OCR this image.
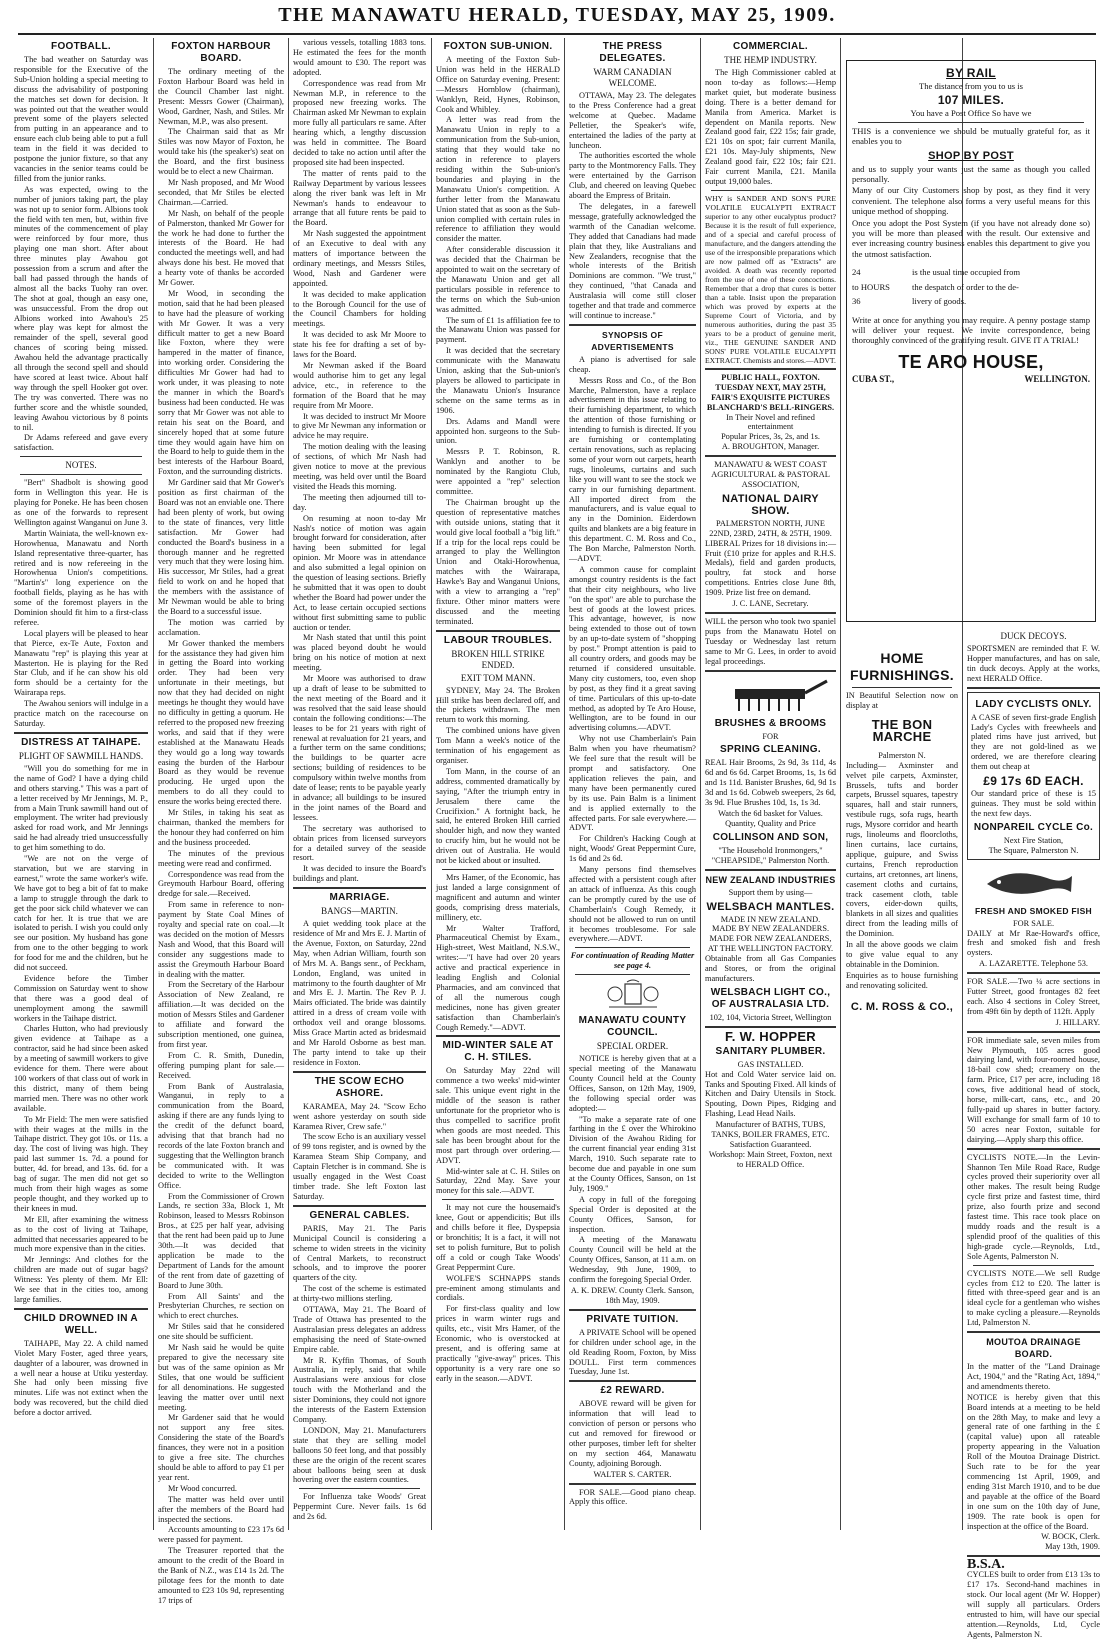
THE MANAWATU HERALD, TUESDAY, MAY 25, 1909.
FOOTBALL.

The bad weather on Saturday was responsible for the Executive of the Sub-Union holding a special meeting to discuss the advisability of postponing the matches set down for decision. It was pointed out that the weather would prevent some of the players selected from putting in an appearance and to ensure each club being able to put a full team in the field it was decided to postpone the junior fixture, so that any vacancies in the senior teams could be filled from the junior ranks.

As was expected, owing to the number of juniors taking part, the play was not up to senior form. Albions took the field with ten men, but, within five minutes of the commencement of play were reinforced by four more, thus playing one man short. After about three minutes play Awahou got possession from a scrum and after the ball had passed through the hands of almost all the backs Tuohy ran over. The shot at goal, though an easy one, was unsuccessful. From the drop out Albions worked into Awahou's 25 where play was kept for almost the remainder of the spell, several good chances of scoring being missed. Awahou held the advantage practically all through the second spell and should have scored at least twice. About half way through the spell Hooker got over. The try was converted. There was no further score and the whistle sounded, leaving Awahou victorious by 8 points to nil.

Dr Adams refereed and gave every satisfaction.

NOTES.

"Bert" Shadbolt is showing good form in Wellington this year. He is playing for Poneke. He has been chosen as one of the forwards to represent Wellington against Wanganui on June 3.

Martin Wainiata, the well-known ex-Horowhenua, Manawatu and North Island representative three-quarter, has retired and is now refereeing in the Horowhenua Union's competitions. "Martin's" long experience on the football fields, playing as he has with some of the foremost players in the Dominion should fit him to a first-class referee.

Local players will be pleased to hear that Pierce, ex-Te Aute, Foxton and Manawatu "rep" is playing this year at Masterton. He is playing for the Red Star Club, and if he can show his old form should be a certainty for the Wairarapa reps.

The Awahou seniors will indulge in a practice match on the racecourse on Saturday.

DISTRESS AT TAIHAPE.
PLIGHT OF SAWMILL HANDS.

"Will you do something for me in the name of God? I have a dying child and others starving." This was a part of a letter received by Mr Jennings, M. P., from a Main Trunk sawmill hand out of employment. The writer had previously asked for road work, and Mr Jennings said he had already tried unsuccessfully to get him something to do.

"We are not on the verge of starvation, but we are starving in earnest," wrote the same worker's wife. We have got to beg a bit of fat to make a lamp to struggle through the dark to get the poor sick child whatever we can catch for her. It is true that we are isolated to perish. I wish you could only see our position. My husband has gone from one to the other begging to work for food for me and the children, but he did not succeed.

Evidence before the Timber Commission on Saturday went to show that there was a good deal of unemployment among the sawmill workers in the Taihape district.

Charles Hutton, who had previously given evidence at Taihape as a contractor, said he had since been asked by a meeting of sawmill workers to give evidence for them. There were about 100 workers of that class out of work in this district, many of them being married men. There was no other work available.

To Mr Field: The men were satisfied with their wages at the mills in the Taihape district. They got 10s. or 11s. a day. The cost of living was high. They paid last summer 1s. 7d. a pound for butter, 4d. for bread, and 13s. 6d. for a bag of sugar. The men did not get so much from their high wages as some people thought, and they worked up to their knees in mud.

Mr Ell, after examining the witness as to the cost of living at Taihape, admitted that necessaries appeared to be much more expensive than in the cities.

Mr Jennings: And clothes for the children are made out of sugar bags? Witness: Yes plenty of them. Mr Ell: We see that in the cities too, among large families.

CHILD DROWNED IN A WELL.

TAIHAPE, May 22. A child named Violet Mary Foster, aged three years, daughter of a labourer, was drowned in a well near a house at Utiku yesterday. She had only been missing five minutes. Life was not extinct when the body was recovered, but the child died before a doctor arrived.

FOXTON HARBOUR BOARD.

The ordinary meeting of the Foxton Harbour Board was held in the Council Chamber last night. Present: Messrs Gower (Chairman), Wood, Gardner, Nash, and Stiles. Mr Newman, M.P., was also present.

The Chairman said that as Mr Stiles was now Mayor of Foxton, he would take his (the speaker's) seat on the Board, and the first business would be to elect a new Chairman.

Mr Nash proposed, and Mr Wood seconded, that Mr Stiles be elected Chairman.—Carried.

Mr Nash, on behalf of the people of Palmerston, thanked Mr Gower for the work he had done to further the interests of the Board. He had conducted the meetings well, and had always done his best. He moved that a hearty vote of thanks be accorded Mr Gower.

Mr Wood, in seconding the motion, said that he had been pleased to have had the pleasure of working with Mr Gower. It was a very difficult matter to get a new Board like Foxton, where they were hampered in the matter of finance, into working order. Considering the difficulties Mr Gower had had to work under, it was pleasing to note the manner in which the Board's business had been conducted. He was sorry that Mr Gower was not able to retain his seat on the Board, and sincerely hoped that at some future time they would again have him on the Board to help to guide them in the best interests of the Harbour Board, Foxton, and the surrounding districts.

Mr Gardiner said that Mr Gower's position as first chairman of the Board was not an enviable one. There had been plenty of work, but owing to the state of finances, very little satisfaction. Mr Gower had conducted the Board's business in a thorough manner and he regretted very much that they were losing him. His successor, Mr Stiles, had a great field to work on and he hoped that the members with the assistance of Mr Newman would be able to bring the Board to a successful issue.

The motion was carried by acclamation.

Mr Gower thanked the members for the assistance they had given him in getting the Board into working order. They had been very unfortunate in their meetings, but now that they had decided on night meetings he thought they would have no difficulty in getting a quorum. He referred to the proposed new freezing works, and said that if they were established at the Manawatu Heads they would go a long way towards easing the burden of the Harbour Board as they would be revenue producing. He urged upon the members to do all they could to ensure the works being erected there.

Mr Stiles, in taking his seat as chairman, thanked the members for the honour they had conferred on him and the business proceeded.

The minutes of the previous meeting were read and confirmed.

Correspondence was read from the Greymouth Harbour Board, offering dredge for sale.—Received.

From same in reference to non-payment by State Coal Mines of royalty and special rate on coal.—It was decided on the motion of Messrs Nash and Wood, that this Board will consider any suggestions made to assist the Greymouth Harbour Board in dealing with the matter.

From the Secretary of the Harbour Association of New Zealand, re affiliation.—It was decided on the motion of Messrs Stiles and Gardener to affiliate and forward the subscription mentioned, one guinea, from first year.

From C. R. Smith, Dunedin, offering pumping plant for sale.—Received.

From Bank of Australasia, Wanganui, in reply to a communication from the Board, asking if there are any funds lying to the credit of the defunct board, advising that that branch had no records of the late Foxton branch and suggesting that the Wellington branch be communicated with. It was decided to write to the Wellington Office.

From the Commissioner of Crown Lands, re section 33a, Block 1, Mt Robinson, leased to Messrs Robinson Bros., at £25 per half year, advising that the rent had been paid up to June 30th.—It was decided that application be made to the Department of Lands for the amount of the rent from date of gazetting of Board to June 30th.

From All Saints' and the Presbyterian Churches, re section on which to erect churches.

Mr Stiles said that he considered one site should be sufficient.

Mr Nash said he would be quite prepared to give the necessary site but was of the same opinion as Mr Stiles, that one would be sufficient for all denominations. He suggested leaving the matter over until next meeting.

Mr Gardener said that he would not support any free sites. Considering the state of the Board's finances, they were not in a position to give a free site. The churches should be able to afford to pay £1 per year rent.

Mr Wood concurred.

The matter was held over until after the members of the Board had inspected the sections.

Accounts amounting to £23 17s 6d were passed for payment.

The Treasurer reported that the amount to the credit of the Board in the Bank of N.Z., was £14 1s 2d. The pilotage fees for the month to date amounted to £23 10s 9d, representing 17 trips of

various vessels, totalling 1883 tons. He estimated the fees for the month would amount to £30. The report was adopted.

Correspondence was read from Mr Newman M.P., in reference to the proposed new freezing works. The Chairman asked Mr Newman to explain more fully all particulars re same. After hearing which, a lengthy discussion was held in committee. The Board decided to take no action until after the proposed site had been inspected.

The matter of rents paid to the Railway Department by various lessees along the river bank was left in Mr Newman's hands to endeavour to arrange that all future rents be paid to the Board.

Mr Nash suggested the appointment of an Executive to deal with any matters of importance between the ordinary meetings, and Messrs Stiles, Wood, Nash and Gardener were appointed.

It was decided to make application to the Borough Council for the use of the Council Chambers for holding meetings.

It was decided to ask Mr Moore to state his fee for drafting a set of by-laws for the Board.

Mr Newman asked if the Board would authorise him to get any legal advice, etc., in reference to the formation of the Board that he may require from Mr Moore.

It was decided to instruct Mr Moore to give Mr Newman any information or advice he may require.

The motion dealing with the leasing of sections, of which Mr Nash had given notice to move at the previous meeting, was held over until the Board visited the Heads this morning.

The meeting then adjourned till to-day.

On resuming at noon to-day Mr Nash's notice of motion was again brought forward for consideration, after having been submitted for legal opinion. Mr Moore was in attendance and also submitted a legal opinion on the question of leasing sections. Briefly he submitted that it was open to doubt whether the Board had power under the Act, to lease certain occupied sections without first submitting same to public auction or tender.

Mr Nash stated that until this point was placed beyond doubt he would bring on his notice of motion at next meeting.

Mr Moore was authorised to draw up a draft of lease to be submitted to the next meeting of the Board and it was resolved that the said lease should contain the following conditions:—The leases to be for 21 years with right of renewal at revaluation for 21 years, and a further term on the same conditions; the buildings to be quarter acre sections; building of residences to be compulsory within twelve months from date of lease; rents to be payable yearly in advance; all buildings to be insured in the joint names of the Board and lessees.

The secretary was authorised to obtain prices from licensed surveyors for a detailed survey of the seaside resort.

It was decided to insure the Board's buildings and plant.

MARRIAGE.
BANGS—MARTIN.

A quiet wedding took place at the residence of Mr and Mrs E. J. Martin of the Avenue, Foxton, on Saturday, 22nd May, when Adrian William, fourth son of Mrs M. A. Bangs senr., of Peckham, London, England, was united in matrimony to the fourth daughter of Mr and Mrs E. J. Martin. The Rev P. J. Mairs officiated. The bride was daintily attired in a dress of cream voile with orthodox veil and orange blossoms. Miss Grace Martin acted as bridesmaid and Mr Harold Osborne as best man. The party intend to take up their residence in Foxton.

THE SCOW ECHO ASHORE.

KARAMEA, May 24. "Scow Echo went ashore yesterday on south side Karamea River, Crew safe."

The scow Echo is an auxiliary vessel of 99 tons register, and is owned by the Karamea Steam Ship Company, and Captain Fletcher is in command. She is usually engaged in the West Coast timber trade. She left Foxton last Saturday.

GENERAL CABLES.

PARIS, May 21. The Paris Municipal Council is considering a scheme to widen streets in the vicinity of Central Markets, to reconstruct schools, and to improve the poorer quarters of the city.

The cost of the scheme is estimated at thirty-two millions sterling.

OTTAWA, May 21. The Board of Trade of Ottawa has presented to the Australasian press delegates an address emphasising the need of State-owned Empire cable.

Mr R. Kyffin Thomas, of South Australia, in reply, said that while Australasians were anxious for close touch with the Motherland and the sister Dominions, they could not ignore the interests of the Eastern Extension Company.

LONDON, May 21. Manufacturers state that they are selling model balloons 50 feet long, and that possibly these are the origin of the recent scares about balloons being seen at dusk hovering over the eastern counties.

For Influenza take Woods' Great Peppermint Cure. Never fails. 1s 6d and 2s 6d.

FOXTON SUB-UNION.

A meeting of the Foxton Sub-Union was held in the HERALD Office on Saturday evening. Present:—Messrs Hornblow (chairman), Wanklyn, Reid, Hynes, Robinson, Cook and Whibley.

A letter was read from the Manawatu Union in reply to a communication from the Sub-union, stating that they would take no action in reference to players residing within the Sub-union's boundaries and playing in the Manawatu Union's competition. A further letter from the Manawatu Union stated that as soon as the Sub-union complied with certain rules in reference to affiliation they would consider the matter.

After considerable discussion it was decided that the Chairman be appointed to wait on the secretary of the Manawatu Union and get all particulars possible in reference to the terms on which the Sub-union was admitted.

The sum of £1 1s affiliation fee to the Manawatu Union was passed for payment.

It was decided that the secretary communicate with the Manawatu Union, asking that the Sub-union's players be allowed to participate in the Manawatu Union's Insurance scheme on the same terms as in 1906.

Drs. Adams and Mandl were appointed hon. surgeons to the Sub-union.

Messrs P. T. Robinson, R. Wanklyn and another to be nominated by the Rangiotu Club, were appointed a "rep" selection committee.

The Chairman brought up the question of representative matches with outside unions, stating that it would give local football a "big lift." If a trip for the local reps could be arranged to play the Wellington Union and Otaki-Horowhenua, matches with the Wairarapa, Hawke's Bay and Wanganui Unions, with a view to arranging a "rep" fixture. Other minor matters were discussed and the meeting terminated.

LABOUR TROUBLES.
BROKEN HILL STRIKE ENDED.
EXIT TOM MANN.

SYDNEY, May 24. The Broken Hill strike has been declared off, and the pickets withdrawn. The men return to work this morning.

The combined unions have given Tom Mann a week's notice of the termination of his engagement as organiser.

Tom Mann, in the course of an address, commented dramatically by saying, "After the triumph entry in Jerusalem there came the Crucifixion." A fortnight back, he said, he entered Broken Hill carried shoulder high, and now they wanted to crucify him, but he would not be driven out of Australia. He would not be kicked about or insulted.

Mrs Hamer, of the Economic, has just landed a large consignment of magnificent and autumn and winter goods, comprising dress materials, millinery, etc.

Mr Walter Trafford, Pharmaceutical Chemist by Exam., High-street, West Maitland, N.S.W., writes:—"I have had over 20 years active and practical experience in leading English and Colonial Pharmacies, and am convinced that of all the numerous cough medicines, none has given greater satisfaction than Chamberlain's Cough Remedy."—ADVT.

MID-WINTER SALE AT C. H. STILES.

On Saturday May 22nd will commence a two weeks' mid-winter sale. This unique event right in the middle of the season is rather unfortunate for the proprietor who is thus compelled to sacrifice profit when goods are most needed. This sale has been brought about for the most part through over ordering.—ADVT.

Mid-winter sale at C. H. Stiles on Saturday, 22nd May. Save your money for this sale.—ADVT.

It may not cure the housemaid's knee, Gout or appendicitis; But ills and chills before it flee, Dyspepsia or bronchitis; It is a fact, it will not set to polish furniture, But to polish off a cold or cough Take Woods' Great Peppermint Cure.

WOLFE'S SCHNAPPS stands pre-eminent among stimulants and cordials.

For first-class quality and low prices in warm winter rugs and quilts, etc., visit Mrs Hamer, of the Economic, who is overstocked at present, and is offering same at practically "give-away" prices. This opportunity is a very rare one so early in the season.—ADVT.

THE PRESS DELEGATES.
WARM CANADIAN WELCOME.

OTTAWA, May 23. The delegates to the Press Conference had a great welcome at Quebec. Madame Pelletier, the Speaker's wife, entertained the ladies of the party at luncheon.

The authorities escorted the whole party to the Montmorency Falls. They were entertained by the Garrison Club, and cheered on leaving Quebec aboard the Empress of Britain.

The delegates, in a farewell message, gratefully acknowledged the warmth of the Canadian welcome. They added that Canadians had made plain that they, like Australians and New Zealanders, recognise that the whole interests of the British Dominions are common. "We trust," they continued, "that Canada and Australasia will come still closer together and that trade and commerce will continue to increase."

SYNOPSIS OF ADVERTISEMENTS

A piano is advertised for sale cheap.

Messrs Ross and Co., of the Bon Marche, Palmerston, have a replace advertisement in this issue relating to their furnishing department, to which the attention of those furnishing or intending to furnish is directed. If you are furnishing or contemplating certain renovations, such as replacing some of your worn out carpets, hearth rugs, linoleums, curtains and such like you will want to see the stock we carry in our furnishing department. All imported direct from the manufacturers, and is value equal to any in the Dominion. Eiderdown quilts and blankets are a big feature in this department. C. M. Ross and Co., The Bon Marche, Palmerston North.—ADVT.

A common cause for complaint amongst country residents is the fact that their city neighbours, who live "on the spot" are able to purchase the best of goods at the lowest prices. This advantage, however, is now being extended to those out of town by an up-to-date system of "shopping by post." Prompt attention is paid to all country orders, and goods may be returned if considered unsuitable. Many city customers, too, even shop by post, as they find it a great saving of time. Particulars of this up-to-date method, as adopted by Te Aro House, Wellington, are to be found in our advertising columns.—ADVT.

Why not use Chamberlain's Pain Balm when you have rheumatism? We feel sure that the result will be prompt and satisfactory. One application relieves the pain, and many have been permanently cured by its use. Pain Balm is a liniment and is applied externally to the affected parts. For sale everywhere.—ADVT.

For Children's Hacking Cough at night, Woods' Great Peppermint Cure, 1s 6d and 2s 6d.

Many persons find themselves affected with a persistent cough after an attack of influenza. As this cough can be promptly cured by the use of Chamberlain's Cough Remedy, it should not be allowed to run on until it becomes troublesome. For sale everywhere.—ADVT.

For continuation of Reading Matter see page 4.
MANAWATU COUNTY COUNCIL.
SPECIAL ORDER.

NOTICE is hereby given that at a special meeting of the Manawatu County Council held at the County Offices, Sanson, on 12th May, 1909, the following special order was adopted:—

"To make a separate rate of one farthing in the £ over the Whirokino Division of the Awahou Riding for the current financial year ending 31st March, 1910. Such separate rate to become due and payable in one sum at the County Offices, Sanson, on 1st July, 1909."

A copy in full of the foregoing Special Order is deposited at the County Offices, Sanson, for inspection.

A meeting of the Manawatu County Council will be held at the County Offices, Sanson, at 11 a.m. on Wednesday, 9th June, 1909, to confirm the foregoing Special Order.

A. K. DREW. County Clerk. Sanson, 18th May, 1909.
PRIVATE TUITION.

A PRIVATE School will be opened for children under school age, in the old Reading Room, Foxton, by Miss DOULL. First term commences Tuesday, June 1st.

£2 REWARD.

ABOVE reward will be given for information that will lead to conviction of person or persons who cut and removed for firewood or other purposes, timber left for shelter on my section 464, Manawatu County, adjoining Borough.

WALTER S. CARTER.

FOR SALE.—Good piano cheap. Apply this office.

COMMERCIAL.
THE HEMP INDUSTRY.

The High Commissioner cabled at noon to-day as follows:—Hemp market quiet, but moderate business doing. There is a better demand for Manila from America. Market is dependent on Manila reports. New Zealand good fair, £22 15s; fair grade, £21 10s on spot; fair current Manila, £21 10s. May-July shipments, New Zealand good fair, £22 10s; fair £21. Fair current Manila, £21. Manila output 19,000 bales.

WHY is SANDER AND SON'S PURE VOLATILE EUCALYPTI EXTRACT superior to any other eucalyptus product? Because it is the result of full experience, and of a special and careful process of manufacture, and the dangers attending the use of the irresponsible preparations which are now palmed off as "Extracts" are avoided. A death was recently reported from the use of one of these concoctions. Remember that a drop that cures is better than a table. Insist upon the preparation which was proved by experts at the Supreme Court of Victoria, and by numerous authorities, during the past 35 years to be a product of genuine merit, viz., THE GENUINE SANDER AND SONS' PURE VOLATILE EUCALYPTI EXTRACT. Chemists and stores.—ADVT.

PUBLIC HALL, FOXTON.
TUESDAY NEXT, MAY 25TH,
FAIR'S EXQUISITE PICTURES BLANCHARD'S BELL-RINGERS.
In Their Novel and refined entertainment
Popular Prices, 3s, 2s, and 1s.
A. BROUGHTON, Manager.
MANAWATU & WEST COAST AGRICULTURAL & PASTORAL ASSOCIATION,
NATIONAL DAIRY SHOW.
PALMERSTON NORTH, JUNE 22ND, 23RD, 24TH, & 25TH, 1909.

LIBERAL Prizes for 18 divisions in:—Fruit (£10 prize for apples and R.H.S. Medals), field and garden products, poultry, fat stock and horse competitions. Entries close June 8th, 1909. Prize list free on demand.

J. C. LANE, Secretary.

WILL the person who took two spaniel pups from the Manawatu Hotel on Tuesday or Wednesday last return same to Mr G. Lees, in order to avoid legal proceedings.

BRUSHES & BROOMS
FOR
SPRING CLEANING.

REAL Hair Brooms, 2s 9d, 3s 11d, 4s 6d and 6s 6d. Carpet Brooms, 1s, 1s 6d and 1s 11d. Banister Brushes, 6d, 9d 1s 3d and 1s 6d. Cobweb sweepers, 2s 6d, 3s 9d. Flue Brushes 10d, 1s, 1s 3d.

Watch the 6d basket for Values.
Quantity, Quality and Price
COLLINSON AND SON,
"The Household Ironmongers," "CHEAPSIDE," Palmerston North.
NEW ZEALAND INDUSTRIES
Support them by using—
WELSBACH MANTLES.
MADE IN NEW ZEALAND.
MADE BY NEW ZEALANDERS.
MADE FOR NEW ZEALANDERS,
AT THE WELLINGTON FACTORY.

Obtainable from all Gas Companies and Stores, or from the original manufacturers.

WELSBACH LIGHT CO., OF AUSTRALASIA LTD.
102, 104, Victoria Street, Wellington
F. W. HOPPER
SANITARY PLUMBER.
GAS INSTALLED.

Hot and Cold Water service laid on. Tanks and Spouting Fixed. All kinds of Kitchen and Dairy Utensils in Stock. Spouting, Down Pipes, Ridging and Flashing, Lead Head Nails.

Manufacturer of BATHS, TUBS, TANKS, BOILER FRAMES, ETC.
Satisfaction Guaranteed.
Workshop: Main Street, Foxton, next to HERALD Office.
BY RAIL
The distance from you to us is
107 MILES.
You have a Post Office So have we

THIS is a convenience we should be mutually grateful for, as it enables you to

SHOP BY POST

and us to supply your wants just the same as though you called personally.

Many of our City Customers shop by post, as they find it very convenient. The telephone also forms a very useful means for this unique method of shopping.

Once you adopt the Post System (if you have not already done so) you will be more than pleased with the result. Our extensive and ever increasing country business enables this department to give you the utmost satisfaction.

24	is the usual time occupied from
to HOURS	the despatch of order to the de-
36	livery of goods.

Write at once for anything you may require. A penny postage stamp will deliver your request. We invite correspondence, being thoroughly convinced of the gratifying result. GIVE IT A TRIAL!

TE ARO HOUSE,
CUBA ST.,	WELLINGTON.
HOME FURNISHINGS.

IN Beautiful Selection now on display at

THE BON MARCHE
Palmerston N.

Including— Axminster and velvet pile carpets, Axminster, Brussels, tufts and border carpets, Brussel squares, tapestry squares, hall and stair runners, vestibule rugs, sofa rugs, hearth rugs, Mysore corridor and hearth rugs, linoleums and floorcloths, linen curtains, lace curtains, applique, guipure, and Swiss curtains, French reproduction curtains, art cretonnes, art linens, casement cloths and curtains, track casement cloth, table covers, eider-down quilts, blankets in all sizes and qualities direct from the leading mills of the Dominion.

In all the above goods we claim to give value equal to any obtainable in the Dominion.

Enquiries as to house furnishing and renovating solicited.

C. M. ROSS & CO.,
DUCK DECOYS.

SPORTSMEN are reminded that F. W. Hopper manufactures, and has on sale, tin duck decoys. Apply at the works, next HERALD Office.

LADY CYCLISTS ONLY.

A CASE of seven first-grade English Lady's Cycles with freewheels and plated rims have just arrived, but they are not gold-lined as we ordered, we are therefore clearing them out cheap at

£9 17s 6D EACH.

Our standard price of these is 15 guineas. They must be sold within the next few days.

NONPAREIL CYCLE Co.
Next Fire Station,
The Square, Palmerston N.
FRESH AND SMOKED FISH
FOR SALE.

DAILY at Mr Rae-Howard's office, fresh and smoked fish and fresh oysters.

A. LAZARETTE. Telephone 53.

FOR SALE.—Two ¼ acre sections in Futter Street, good frontages 82 feet each. Also 4 sections in Coley Street, from 49ft 6in by depth of 112ft. Apply

J. HILLARY.

FOR immediate sale, seven miles from New Plymouth, 105 acres good dairying land, with four-roomed house, 18-bail cow shed; creamery on the farm. Price, £17 per acre, including 18 cows, five additional head of stock, horse, milk-cart, cans, etc., and 20 fully-paid up shares in butter factory. Will exchange for small farm of 10 to 50 acres near Foxton, suitable for dairying.—Apply sharp this office.

CYCLISTS NOTE.—In the Levin-Shannon Ten Mile Road Race, Rudge cycles proved their superiority over all other makes. The result being Rudge cycle first prize and fastest time, third prize, also fourth prize and second fastest time. This race took place on muddy roads and the result is a splendid proof of the qualities of this high-grade cycle.—Reynolds, Ltd., Sole Agents, Palmerston N.

CYCLISTS NOTE.—We sell Rudge cycles from £12 to £20. The latter is fitted with three-speed gear and is an ideal cycle for a gentleman who wishes to make cycling a pleasure.—Reynolds Ltd, Palmerston N.

MOUTOA DRAINAGE BOARD.

In the matter of the "Land Drainage Act, 1904," and the "Rating Act, 1894," and amendments thereto.

NOTICE is hereby given that this Board intends at a meeting to be held on the 28th May, to make and levy a general rate of one farthing in the £ (capital value) upon all rateable property appearing in the Valuation Roll of the Moutoa Drainage District. Such rate to be for the year commencing 1st April, 1909, and ending 31st March 1910, and to be due and payable at the office of the Board in one sum on the 10th day of June, 1909. The rate book is open for inspection at the office of the Board.

W. BOCK, Clerk.
May 13th, 1909.
B.S.A.

CYCLES built to order from £13 13s to £17 17s. Second-hand machines in stock. Our local agent (Mr W. Hopper) will supply all particulars. Orders entrusted to him, will have our special attention.—Reynolds, Ltd, Cycle Agents, Palmerston N.
